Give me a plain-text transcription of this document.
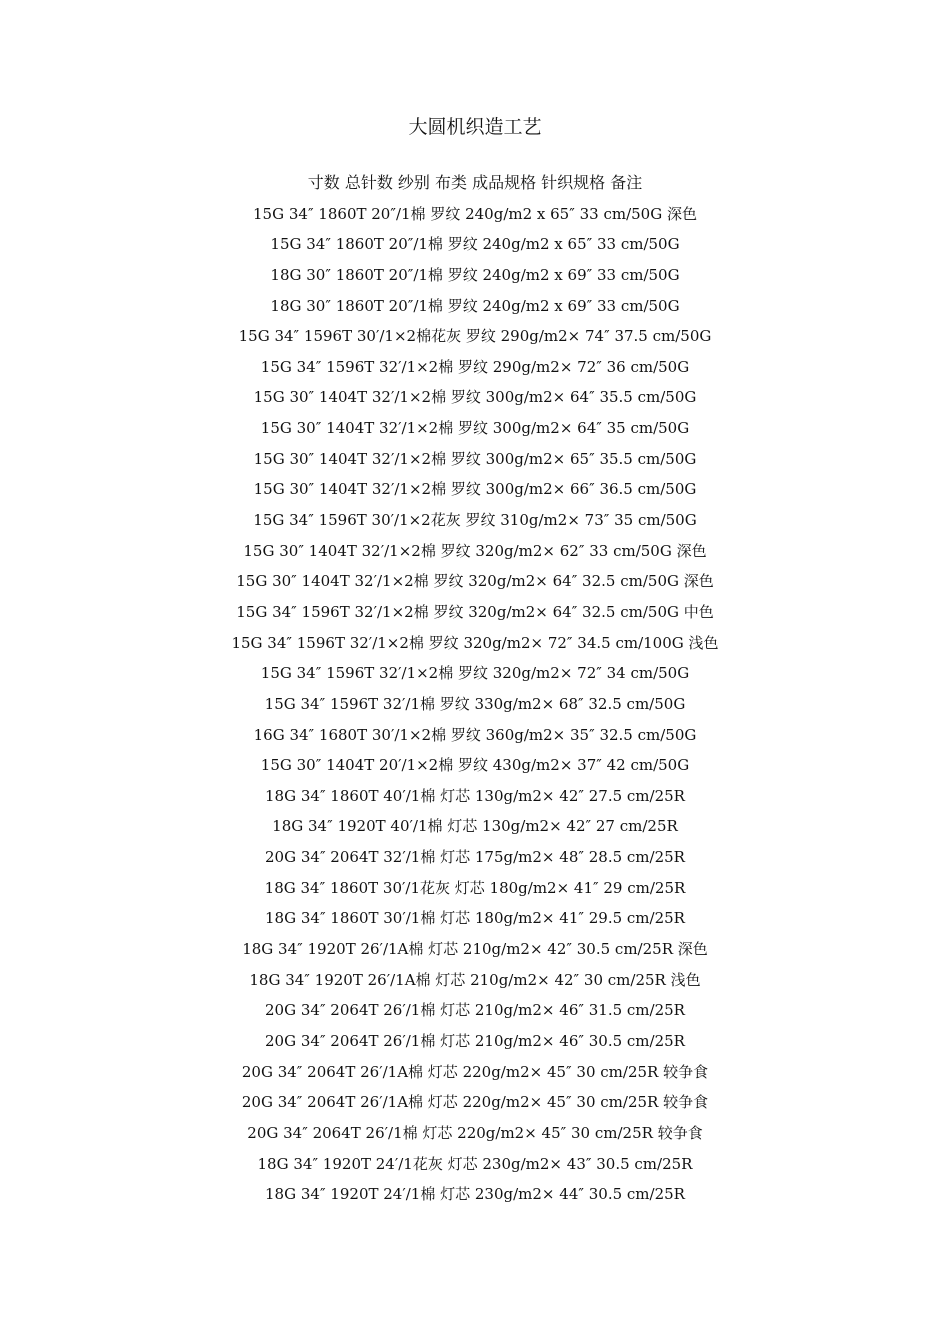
大圆机织造工艺
寸数 总针数 纱别 布类 成品规格 针织规格 备注
15G 34″ 1860T 20″/1棉 罗纹 240g/m2 x 65″ 33 cm/50G 深色
15G 34″ 1860T 20″/1棉 罗纹 240g/m2 x 65″ 33 cm/50G
18G 30″ 1860T 20″/1棉 罗纹 240g/m2 x 69″ 33 cm/50G
18G 30″ 1860T 20″/1棉 罗纹 240g/m2 x 69″ 33 cm/50G
15G 34″ 1596T 30′/1×2棉花灰 罗纹 290g/m2× 74″ 37.5 cm/50G
15G 34″ 1596T 32′/1×2棉 罗纹 290g/m2× 72″ 36 cm/50G
15G 30″ 1404T 32′/1×2棉 罗纹 300g/m2× 64″ 35.5 cm/50G
15G 30″ 1404T 32′/1×2棉 罗纹 300g/m2× 64″ 35 cm/50G
15G 30″ 1404T 32′/1×2棉 罗纹 300g/m2× 65″ 35.5 cm/50G
15G 30″ 1404T 32′/1×2棉 罗纹 300g/m2× 66″ 36.5 cm/50G
15G 34″ 1596T 30′/1×2花灰 罗纹 310g/m2× 73″ 35 cm/50G
15G 30″ 1404T 32′/1×2棉 罗纹 320g/m2× 62″ 33 cm/50G 深色
15G 30″ 1404T 32′/1×2棉 罗纹 320g/m2× 64″ 32.5 cm/50G 深色
15G 34″ 1596T 32′/1×2棉 罗纹 320g/m2× 64″ 32.5 cm/50G 中色
15G 34″ 1596T 32′/1×2棉 罗纹 320g/m2× 72″ 34.5 cm/100G 浅色
15G 34″ 1596T 32′/1×2棉 罗纹 320g/m2× 72″ 34 cm/50G
15G 34″ 1596T 32′/1棉 罗纹 330g/m2× 68″ 32.5 cm/50G
16G 34″ 1680T 30′/1×2棉 罗纹 360g/m2× 35″ 32.5 cm/50G
15G 30″ 1404T 20′/1×2棉 罗纹 430g/m2× 37″ 42 cm/50G
18G 34″ 1860T 40′/1棉 灯芯 130g/m2× 42″ 27.5 cm/25R
18G 34″ 1920T 40′/1棉 灯芯 130g/m2× 42″ 27 cm/25R
20G 34″ 2064T 32′/1棉 灯芯 175g/m2× 48″ 28.5 cm/25R
18G 34″ 1860T 30′/1花灰 灯芯 180g/m2× 41″ 29 cm/25R
18G 34″ 1860T 30′/1棉 灯芯 180g/m2× 41″ 29.5 cm/25R
18G 34″ 1920T 26′/1A棉 灯芯 210g/m2× 42″ 30.5 cm/25R 深色
18G 34″ 1920T 26′/1A棉 灯芯 210g/m2× 42″ 30 cm/25R 浅色
20G 34″ 2064T 26′/1棉 灯芯 210g/m2× 46″ 31.5 cm/25R
20G 34″ 2064T 26′/1棉 灯芯 210g/m2× 46″ 30.5 cm/25R
20G 34″ 2064T 26′/1A棉 灯芯 220g/m2× 45″ 30 cm/25R 较争食
20G 34″ 2064T 26′/1A棉 灯芯 220g/m2× 45″ 30 cm/25R 较争食
20G 34″ 2064T 26′/1棉 灯芯 220g/m2× 45″ 30 cm/25R 较争食
18G 34″ 1920T 24′/1花灰 灯芯 230g/m2× 43″ 30.5 cm/25R
18G 34″ 1920T 24′/1棉 灯芯 230g/m2× 44″ 30.5 cm/25R
